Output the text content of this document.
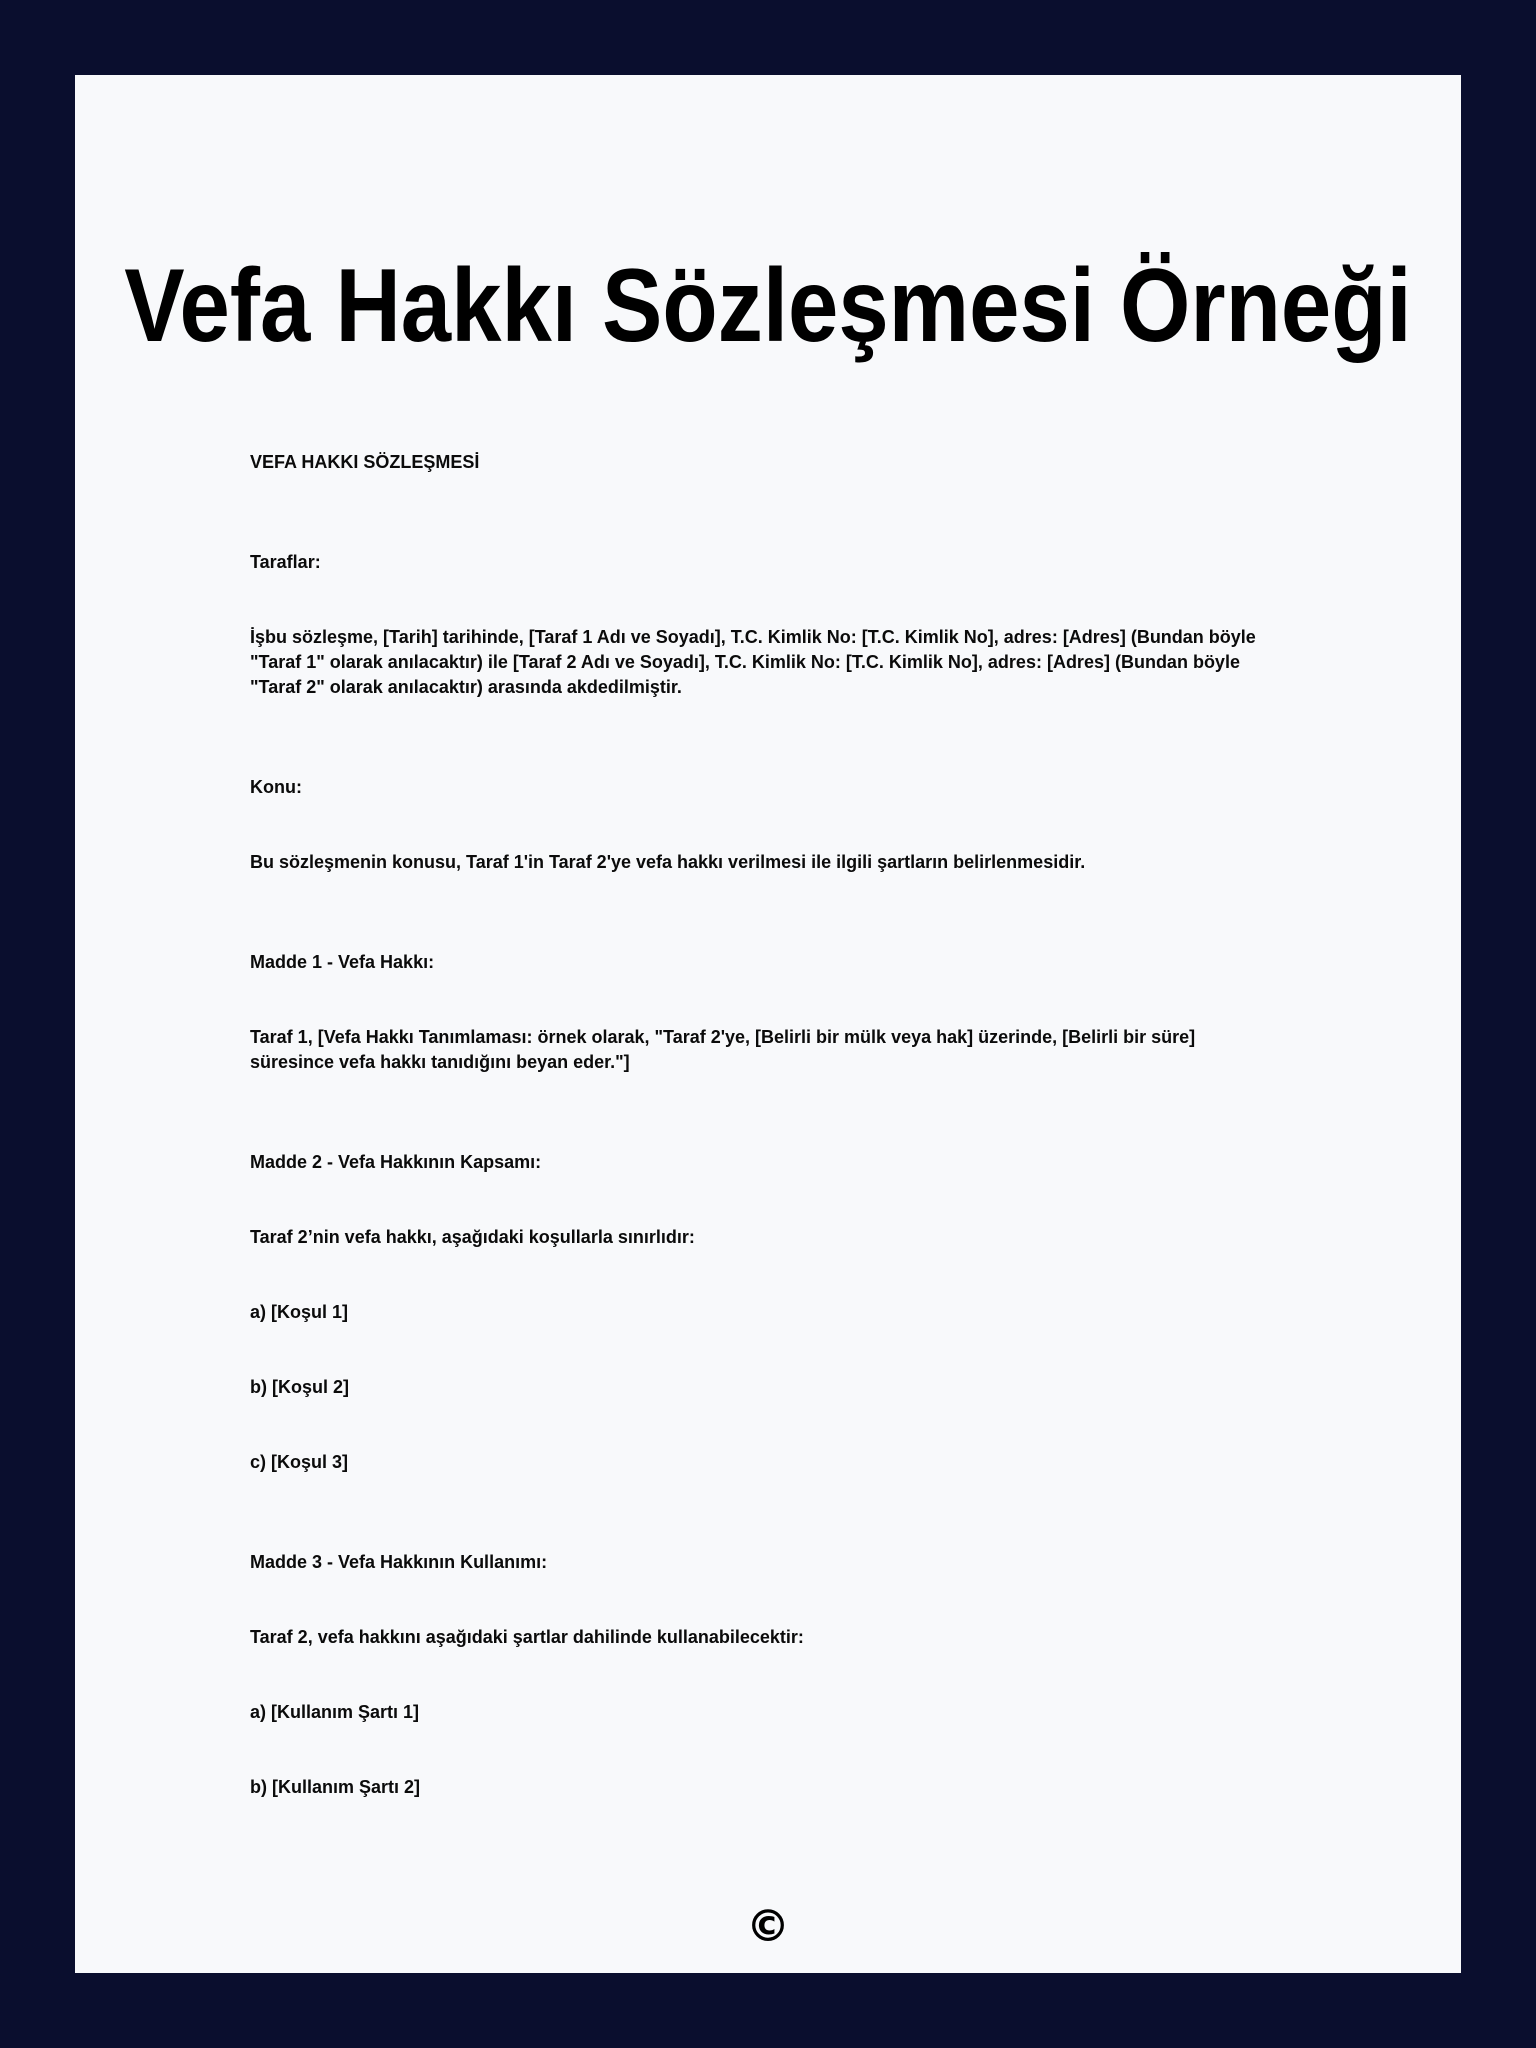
Vefa Hakkı Sözleşmesi Örneği

VEFA HAKKI SÖZLEŞMESİ

Taraflar:

İşbu sözleşme, [Tarih] tarihinde, [Taraf 1 Adı ve Soyadı], T.C. Kimlik No: [T.C. Kimlik No], adres: [Adres] (Bundan böyle "Taraf 1" olarak anılacaktır) ile [Taraf 2 Adı ve Soyadı], T.C. Kimlik No: [T.C. Kimlik No], adres: [Adres] (Bundan böyle "Taraf 2" olarak anılacaktır) arasında akdedilmiştir.

Konu:

Bu sözleşmenin konusu, Taraf 1'in Taraf 2'ye vefa hakkı verilmesi ile ilgili şartların belirlenmesidir.

Madde 1 - Vefa Hakkı:

Taraf 1, [Vefa Hakkı Tanımlaması: örnek olarak, "Taraf 2'ye, [Belirli bir mülk veya hak] üzerinde, [Belirli bir süre] süresince vefa hakkı tanıdığını beyan eder."]

Madde 2 - Vefa Hakkının Kapsamı:

Taraf 2’nin vefa hakkı, aşağıdaki koşullarla sınırlıdır:

a) [Koşul 1]

b) [Koşul 2]

c) [Koşul 3]

Madde 3 - Vefa Hakkının Kullanımı:

Taraf 2, vefa hakkını aşağıdaki şartlar dahilinde kullanabilecektir:

a) [Kullanım Şartı 1]

b) [Kullanım Şartı 2]

©
